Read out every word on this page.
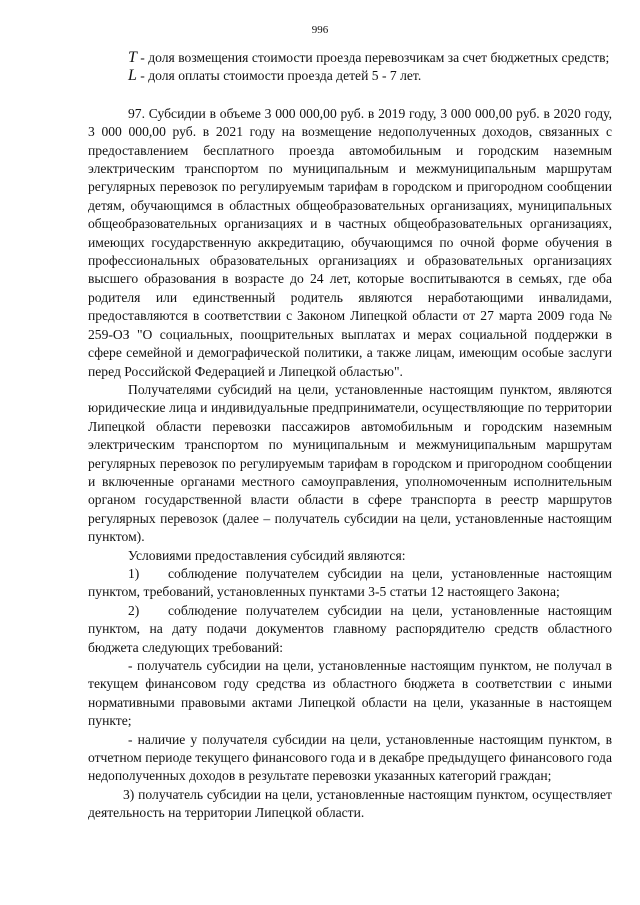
996

T - доля возмещения стоимости проезда перевозчикам за счет бюджетных средств;

L - доля оплаты стоимости проезда детей 5 - 7 лет.

97. Субсидии в объеме 3 000 000,00 руб. в 2019 году, 3 000 000,00 руб. в 2020 году, 3 000 000,00 руб. в 2021 году на возмещение недополученных доходов, связанных с предоставлением бесплатного проезда автомобильным и городским наземным электрическим транспортом по муниципальным и межмуниципальным маршрутам регулярных перевозок по регулируемым тарифам в городском и пригородном сообщении детям, обучающимся в областных общеобразовательных организациях, муниципальных общеобразовательных организациях и в частных общеобразовательных организациях, имеющих государственную аккредитацию, обучающимся по очной форме обучения в профессиональных образовательных организациях и образовательных организациях высшего образования в возрасте до 24 лет, которые воспитываются в семьях, где оба родителя или единственный родитель являются неработающими инвалидами, предоставляются в соответствии с Законом Липецкой области от 27 марта 2009 года № 259-ОЗ "О социальных, поощрительных выплатах и мерах социальной поддержки в сфере семейной и демографической политики, а также лицам, имеющим особые заслуги перед Российской Федерацией и Липецкой областью".

Получателями субсидий на цели, установленные настоящим пунктом, являются юридические лица и индивидуальные предприниматели, осуществляющие по территории Липецкой области перевозки пассажиров автомобильным и городским наземным электрическим транспортом по муниципальным и межмуниципальным маршрутам регулярных перевозок по регулируемым тарифам в городском и пригородном сообщении и включенные органами местного самоуправления, уполномоченным исполнительным органом государственной власти области в сфере транспорта в реестр маршрутов регулярных перевозок (далее – получатель субсидии на цели, установленные настоящим пунктом).

Условиями предоставления субсидий являются:

1) соблюдение получателем субсидии на цели, установленные настоящим пунктом, требований, установленных пунктами 3-5 статьи 12 настоящего Закона;

2) соблюдение получателем субсидии на цели, установленные настоящим пунктом, на дату подачи документов главному распорядителю средств областного бюджета следующих требований:

- получатель субсидии на цели, установленные настоящим пунктом, не получал в текущем финансовом году средства из областного бюджета в соответствии с иными нормативными правовыми актами Липецкой области на цели, указанные в настоящем пункте;

- наличие у получателя субсидии на цели, установленные настоящим пунктом, в отчетном периоде текущего финансового года и в декабре предыдущего финансового года недополученных доходов в результате перевозки указанных категорий граждан;

3) получатель субсидии на цели, установленные настоящим пунктом, осуществляет деятельность на территории Липецкой области.
